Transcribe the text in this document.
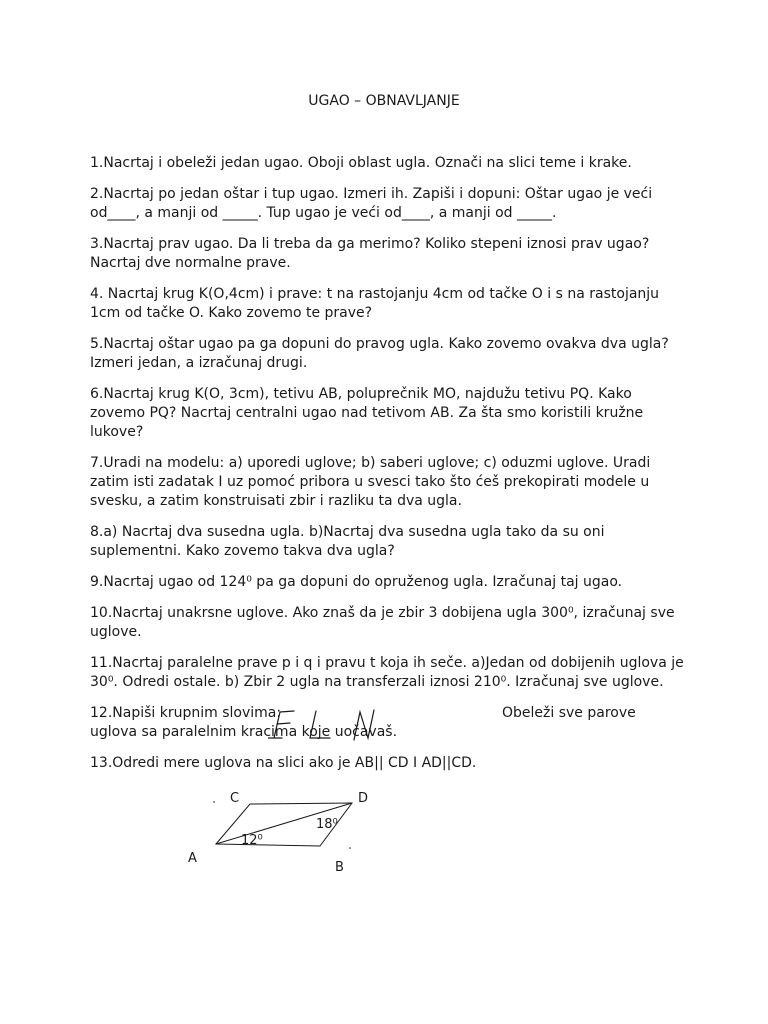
UGAO – OBNAVLJANJE
1.Nacrtaj i obeleži jedan ugao. Oboji oblast ugla. Označi na slici teme i krake.
2.Nacrtaj po jedan oštar i tup ugao. Izmeri ih. Zapiši i dopuni: Oštar ugao je veći
od____, a manji od _____. Tup ugao je veći od____, a manji od _____.
3.Nacrtaj prav ugao. Da li treba da ga merimo? Koliko stepeni iznosi prav ugao?
Nacrtaj dve normalne prave.
4. Nacrtaj krug K(O,4cm) i prave: t na rastojanju 4cm od tačke O i s na rastojanju
1cm od tačke O. Kako zovemo te prave?
5.Nacrtaj oštar ugao pa ga dopuni do pravog ugla. Kako zovemo ovakva dva ugla?
Izmeri jedan, a izračunaj drugi.
6.Nacrtaj krug K(O, 3cm), tetivu AB, poluprečnik MO, najdužu tetivu PQ. Kako
zovemo PQ? Nacrtaj centralni ugao nad tetivom AB. Za šta smo koristili kružne
lukove?
7.Uradi na modelu: a) uporedi uglove; b) saberi uglove; c) oduzmi uglove. Uradi
zatim isti zadatak I uz pomoć pribora u svesci tako što ćeš prekopirati modele u
svesku, a zatim konstruisati zbir i razliku ta dva ugla.
8.a) Nacrtaj dva susedna ugla. b)Nacrtaj dva susedna ugla tako da su oni
suplementni. Kako zovemo takva dva ugla?
9.Nacrtaj ugao od 124⁰ pa ga dopuni do opruženog ugla. Izračunaj taj ugao.
10.Nacrtaj unakrsne uglove. Ako znaš da je zbir 3 dobijena ugla 300⁰, izračunaj sve
uglove.
11.Nacrtaj paralelne prave p i q i pravu t koja ih seče. a)Jedan od dobijenih uglova je
30⁰. Odredi ostale. b) Zbir 2 ugla na transferzali iznosi 210⁰. Izračunaj sve uglove.
12.Napiši krupnim slovima:	Obeleži sve parove
uglova sa paralelnim kracima koje uočavaš.
13.Odredi mere uglova na slici ako je AB|| CD I AD||CD.
C	D
A
B
12⁰
18⁰
